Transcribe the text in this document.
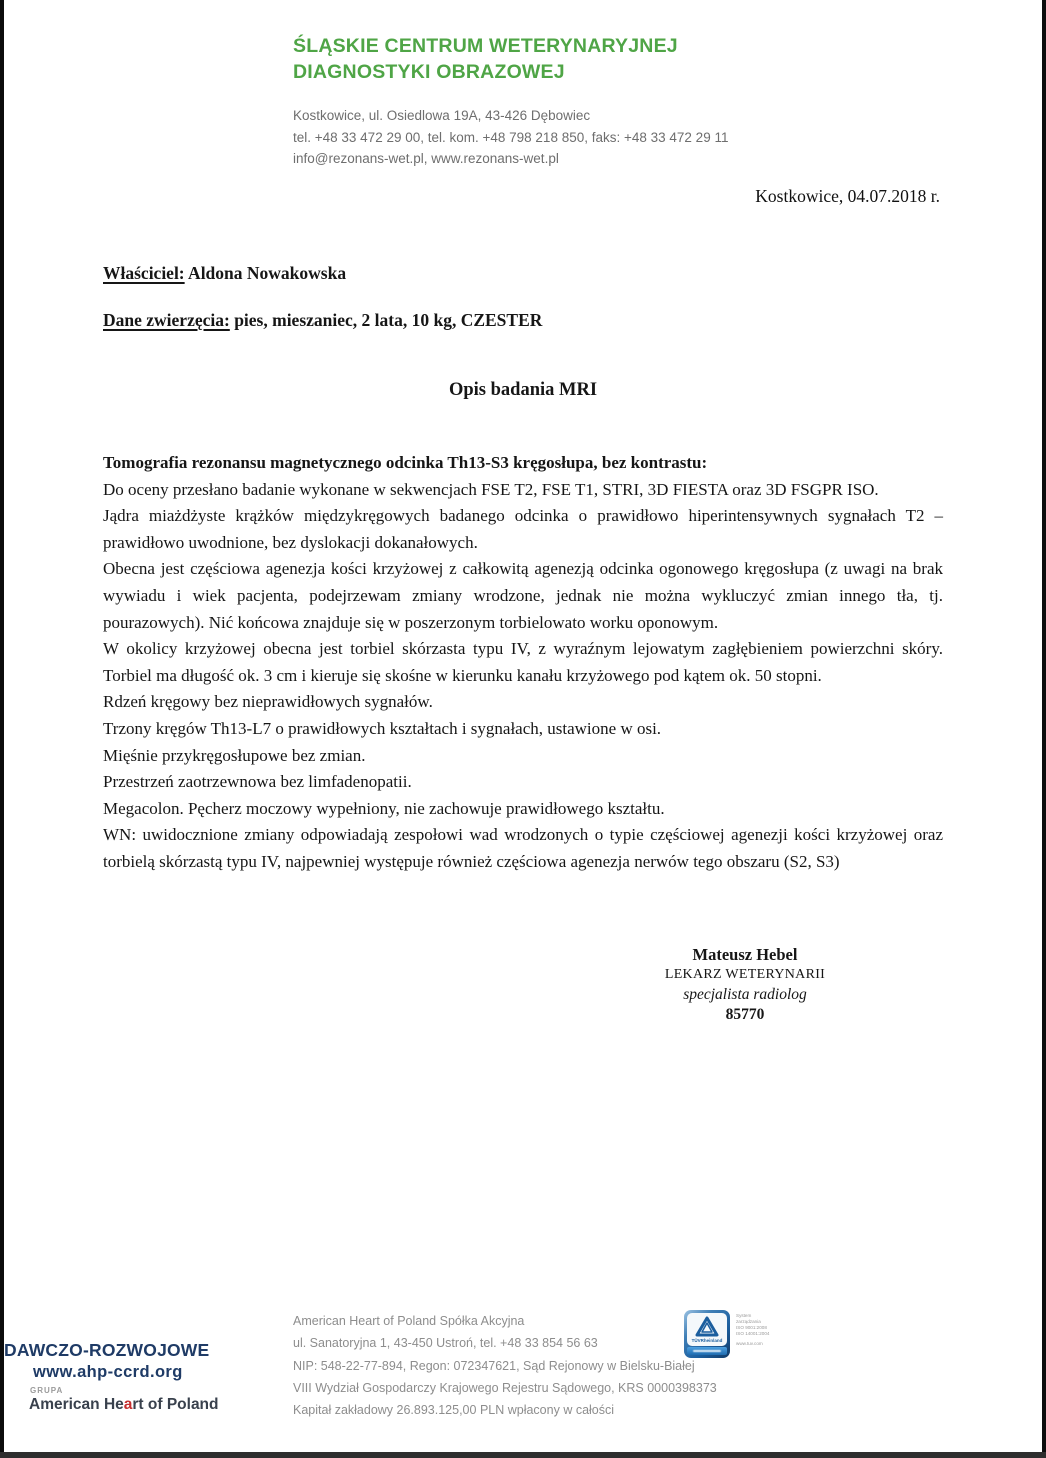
ŚLĄSKIE CENTRUM WETERYNARYJNEJ
DIAGNOSTYKI OBRAZOWEJ
Kostkowice, ul. Osiedlowa 19A, 43-426 Dębowiec
tel. +48 33 472 29 00, tel. kom. +48 798 218 850, faks: +48 33 472 29 11
info@rezonans-wet.pl, www.rezonans-wet.pl
Kostkowice, 04.07.2018 r.
Właściciel: Aldona Nowakowska
Dane zwierzęcia: pies, mieszaniec, 2 lata, 10 kg, CZESTER
Opis badania MRI

Tomografia rezonansu magnetycznego odcinka Th13-S3 kręgosłupa, bez kontrastu:

Do oceny przesłano badanie wykonane w sekwencjach FSE T2, FSE T1, STRI, 3D FIESTA oraz 3D FSGPR ISO.

Jądra miażdżyste krążków międzykręgowych badanego odcinka o prawidłowo hiperintensywnych sygnałach T2 – prawidłowo uwodnione, bez dyslokacji dokanałowych.

Obecna jest częściowa agenezja kości krzyżowej z całkowitą agenezją odcinka ogonowego kręgosłupa (z uwagi na brak wywiadu i wiek pacjenta, podejrzewam zmiany wrodzone, jednak nie można wykluczyć zmian innego tła, tj. pourazowych). Nić końcowa znajduje się w poszerzonym torbielowato worku oponowym.

W okolicy krzyżowej obecna jest torbiel skórzasta typu IV, z wyraźnym lejowatym zagłębieniem powierzchni skóry. Torbiel ma długość ok. 3 cm i kieruje się skośne w kierunku kanału krzyżowego pod kątem ok. 50 stopni.

Rdzeń kręgowy bez nieprawidłowych sygnałów.

Trzony kręgów Th13-L7 o prawidłowych kształtach i sygnałach, ustawione w osi.

Mięśnie przykręgosłupowe bez zmian.

Przestrzeń zaotrzewnowa bez limfadenopatii.

Megacolon. Pęcherz moczowy wypełniony, nie zachowuje prawidłowego kształtu.

WN: uwidocznione zmiany odpowiadają zespołowi wad wrodzonych o typie częściowej agenezji kości krzyżowej oraz torbielą skórzastą typu IV, najpewniej występuje również częściowa agenezja nerwów tego obszaru (S2, S3)

Mateusz Hebel
LEKARZ WETERYNARII
specjalista radiolog
85770
DAWCZO-ROZWOJOWE
www.ahp-ccrd.org
GRUPA
American Heart of Poland
American Heart of Poland Spółka Akcyjna
ul. Sanatoryjna 1, 43-450 Ustroń, tel. +48 33 854 56 63
NIP: 548-22-77-894, Regon: 072347621, Sąd Rejonowy w Bielsku-Białej
VIII Wydział Gospodarczy Krajowego Rejestru Sądowego, KRS 0000398373
Kapitał zakładowy 26.893.125,00 PLN wpłacony w całości
TÜVRheinland
System
zarządzania
ISO 9001:2008
ISO 14001:2004
www.tuv.com
